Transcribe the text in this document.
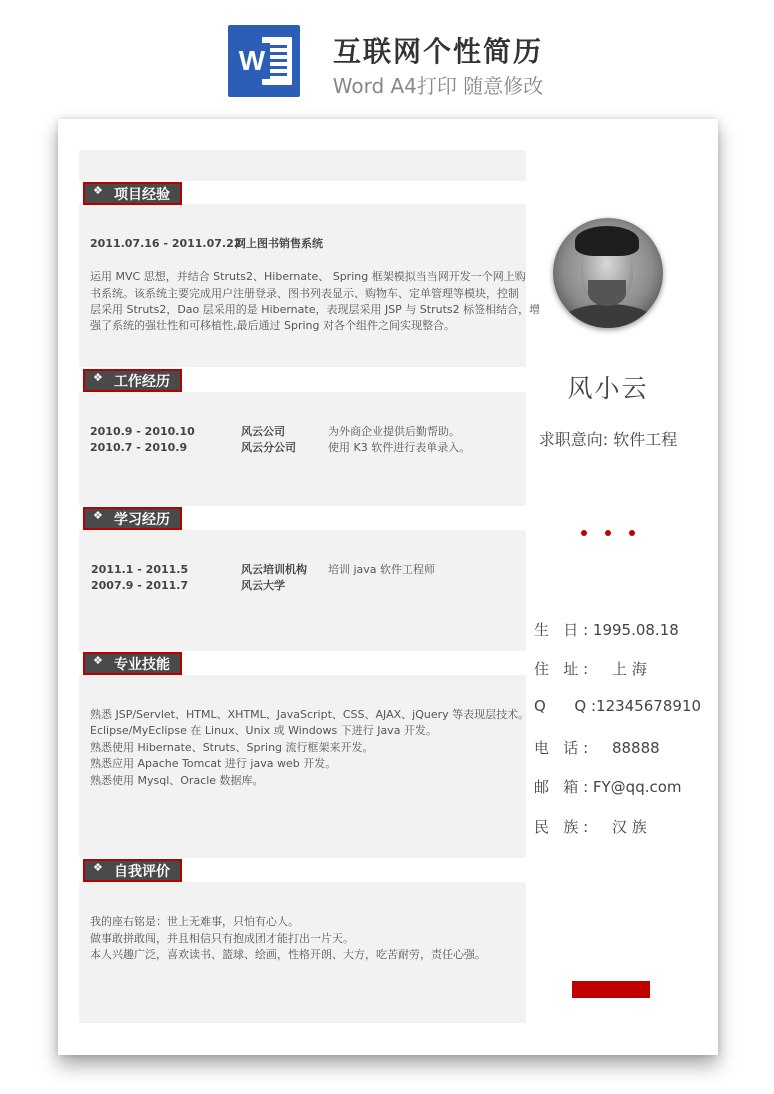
W	互联网个性简历
Word A4打印 随意修改
❖
项目经验
2011.07.16 - 2011.07.22
网上图书销售系统
运用 MVC 思想，并结合 Struts2、Hibernate、 Spring 框架模拟当当网开发一个网上购
书系统。该系统主要完成用户注册登录、图书列表显示、购物车、定单管理等模块，控制
层采用 Struts2，Dao 层采用的是 Hibernate，表现层采用 JSP 与 Struts2 标签相结合，增
强了系统的强壮性和可移植性,最后通过 Spring 对各个组件之间实现整合。
❖
工作经历
2010.9 - 2010.10	风云公司	为外商企业提供后勤帮助。
2010.7 - 2010.9	风云分公司	使用 K3 软件进行表单录入。
❖
学习经历
2011.1 - 2011.5	风云培训机构 培训 java 软件工程师
2007.9 - 2011.7	风云大学
❖
专业技能
熟悉 JSP/Servlet、HTML、XHTML、JavaScript、CSS、AJAX、jQuery 等表现层技术。
Eclipse/MyEclipse 在 Linux、Unix 或 Windows 下进行 Java 开发。
熟悉使用 Hibernate、Struts、Spring 流行框架来开发。
熟悉应用 Apache Tomcat 进行 java web 开发。
熟悉使用 Mysql、Oracle 数据库。
❖
自我评价
我的座右铭是：世上无难事，只怕有心人。
做事敢拼敢闯，并且相信只有抱成团才能打出一片天。
本人兴趣广泛，喜欢读书、篮球、绘画，性格开朗、大方，吃苦耐劳，责任心强。
风小云
求职意向: 软件工程
生   日 : 1995.08.18
住   址 :     上 海
Q      Q :12345678910
电   话 :     88888
邮   箱 : FY@qq.com
民   族 :     汉 族
